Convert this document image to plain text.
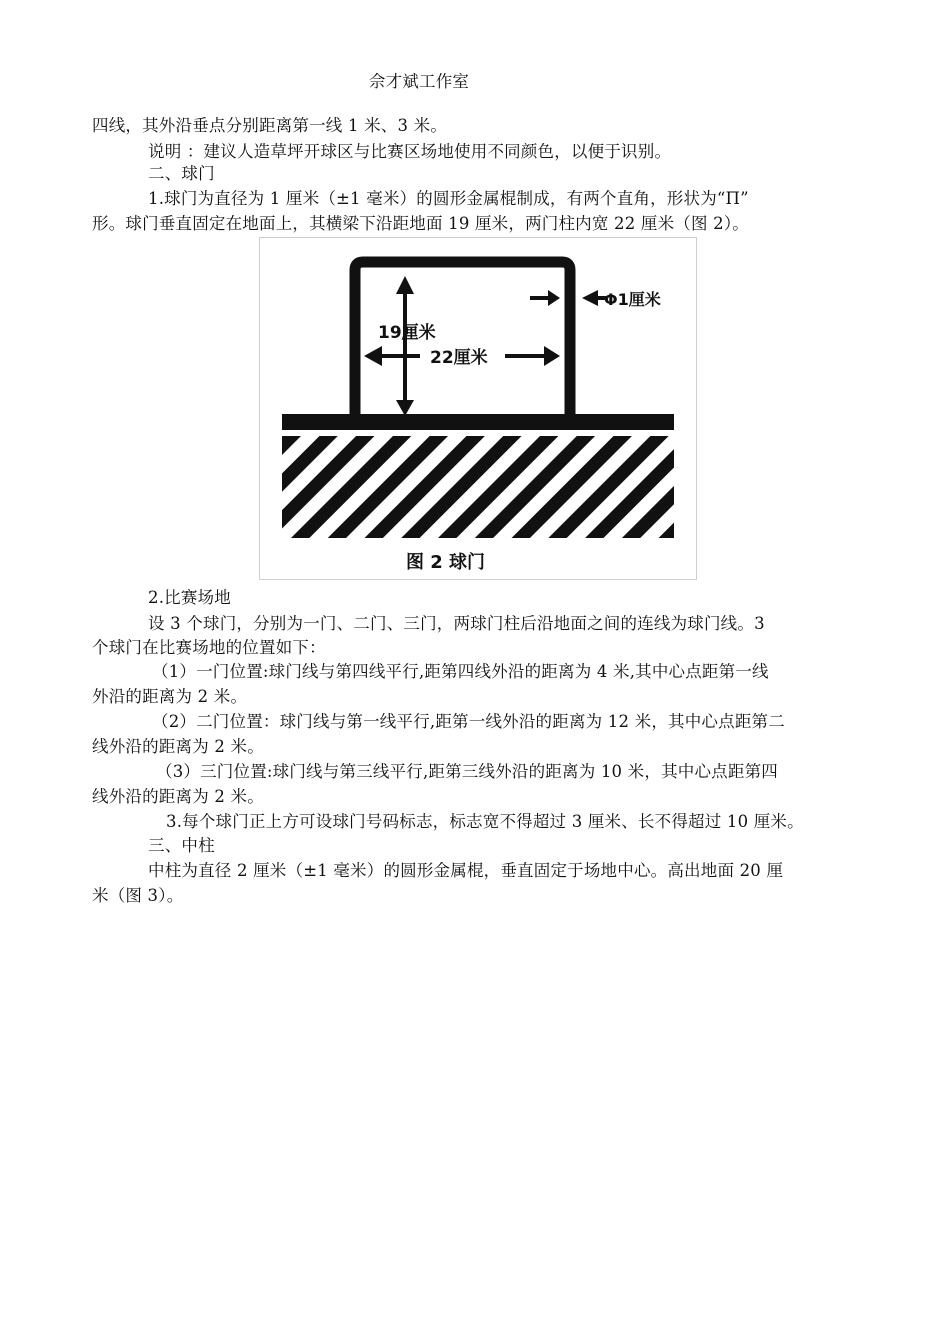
佘才斌工作室
四线，其外沿垂点分别距离第一线 1 米、3 米。
说明 ：建议人造草坪开球区与比赛区场地使用不同颜色，以便于识别。
二、球门
1.球门为直径为 1 厘米（±1 毫米）的圆形金属棍制成，有两个直角，形状为“Π”
形。球门垂直固定在地面上，其横梁下沿距地面 19 厘米，两门柱内宽 22 厘米（图 2）。
19厘米
22厘米
Φ1厘米
图 2 球门
2.比赛场地
设 3 个球门，分别为一门、二门、三门，两球门柱后沿地面之间的连线为球门线。3
个球门在比赛场地的位置如下：
（1）一门位置:球门线与第四线平行,距第四线外沿的距离为 4 米,其中心点距第一线
外沿的距离为 2 米。
（2）二门位置：球门线与第一线平行,距第一线外沿的距离为 12 米，其中心点距第二
线外沿的距离为 2 米。
（3）三门位置:球门线与第三线平行,距第三线外沿的距离为 10 米，其中心点距第四
线外沿的距离为 2 米。
3.每个球门正上方可设球门号码标志，标志宽不得超过 3 厘米、长不得超过 10 厘米。
三、中柱
中柱为直径 2 厘米（±1 毫米）的圆形金属棍，垂直固定于场地中心。高出地面 20 厘
米（图 3）。
